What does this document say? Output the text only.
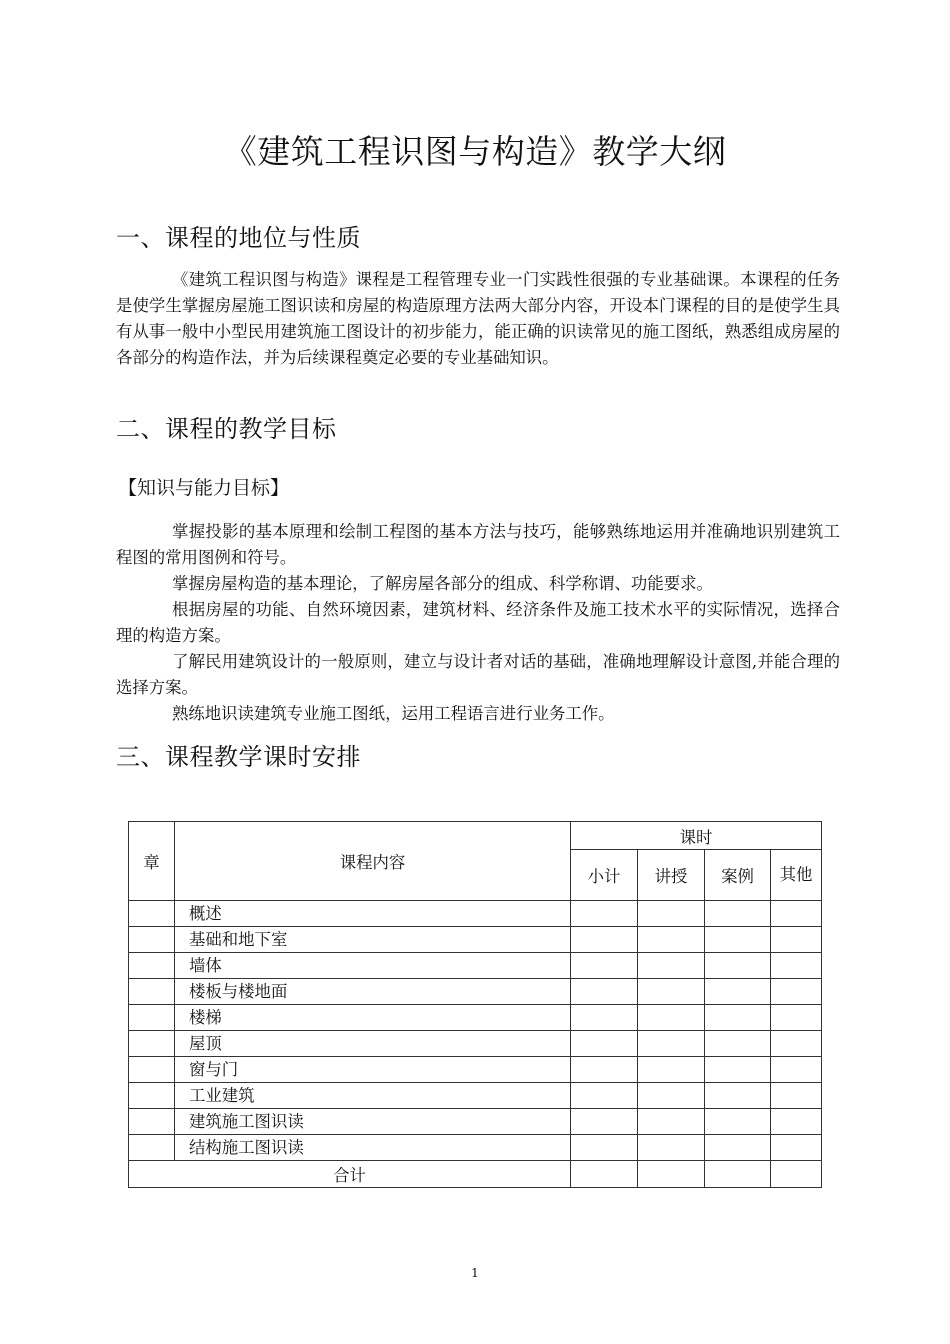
《建筑工程识图与构造》教学大纲
一、课程的地位与性质

《建筑工程识图与构造》课程是工程管理专业一门实践性很强的专业基础课。本课程的任务是使学生掌握房屋施工图识读和房屋的构造原理方法两大部分内容，开设本门课程的目的是使学生具有从事一般中小型民用建筑施工图设计的初步能力，能正确的识读常见的施工图纸，熟悉组成房屋的各部分的构造作法，并为后续课程奠定必要的专业基础知识。

二、课程的教学目标
【知识与能力目标】

掌握投影的基本原理和绘制工程图的基本方法与技巧，能够熟练地运用并准确地识别建筑工程图的常用图例和符号。

掌握房屋构造的基本理论，了解房屋各部分的组成、科学称谓、功能要求。

根据房屋的功能、自然环境因素，建筑材料、经济条件及施工技术水平的实际情况，选择合理的构造方案。

了解民用建筑设计的一般原则，建立与设计者对话的基础，准确地理解设计意图,并能合理的选择方案。

熟练地识读建筑专业施工图纸，运用工程语言进行业务工作。

三、课程教学课时安排
章	课程内容	课时			
		小计	讲授	案例	其他
	概述				
	基础和地下室				
	墙体				
	楼板与楼地面				
	楼梯				
	屋顶				
	窗与门				
	工业建筑				
	建筑施工图识读				
	结构施工图识读				
合计					
1
